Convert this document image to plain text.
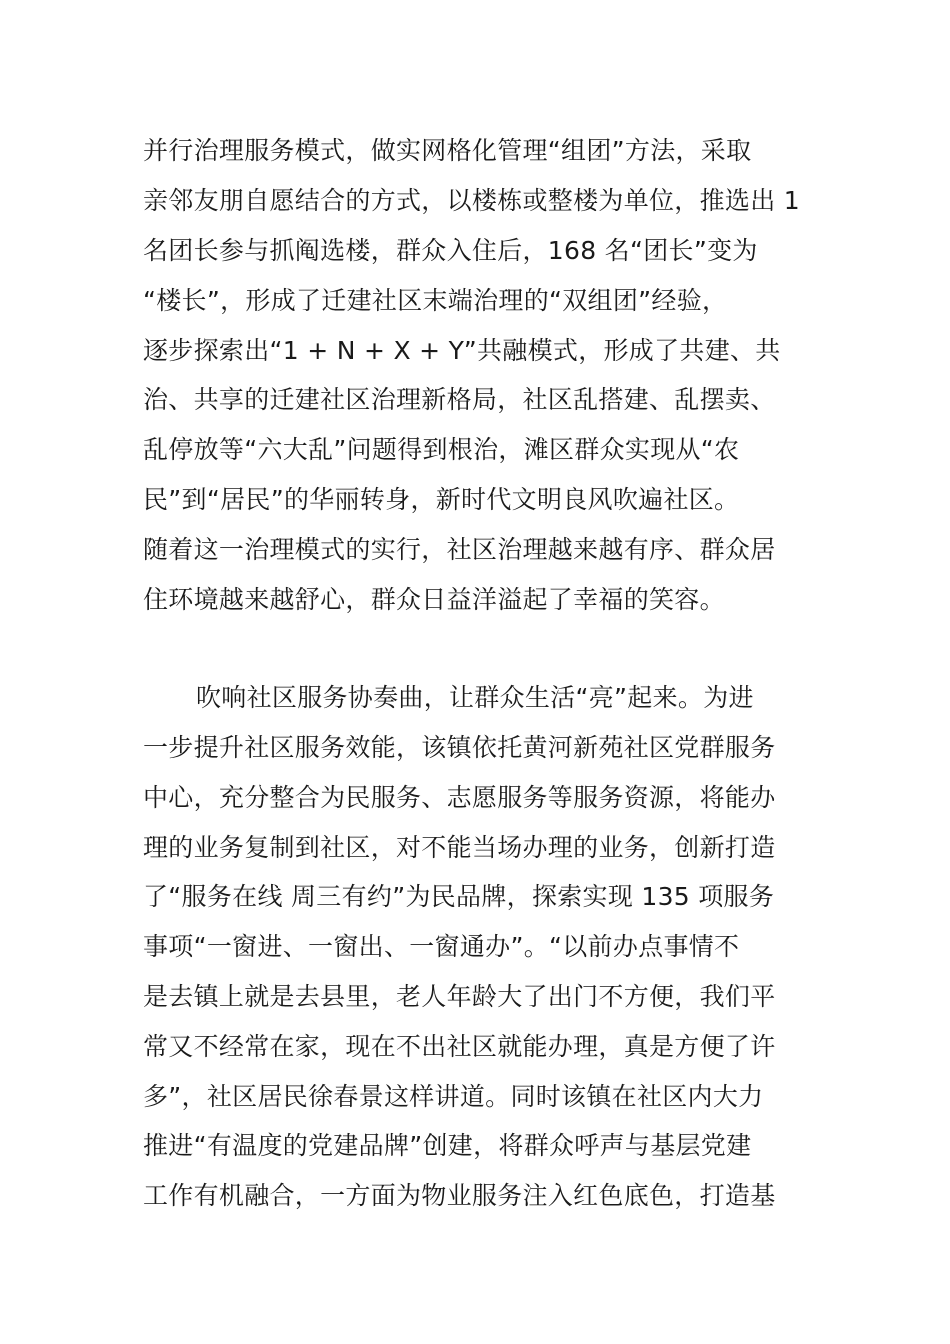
并行治理服务模式，做实网格化管理“组团”方法，采取
亲邻友朋自愿结合的方式，以楼栋或整楼为单位，推选出 1
名团长参与抓阄选楼，群众入住后，168 名“团长”变为
“楼长”，形成了迁建社区末端治理的“双组团”经验，
逐步探索出“1 + N + X + Y”共融模式，形成了共建、共
治、共享的迁建社区治理新格局，社区乱搭建、乱摆卖、
乱停放等“六大乱”问题得到根治，滩区群众实现从“农
民”到“居民”的华丽转身，新时代文明良风吹遍社区。
随着这一治理模式的实行，社区治理越来越有序、群众居
住环境越来越舒心，群众日益洋溢起了幸福的笑容。
吹响社区服务协奏曲，让群众生活“亮”起来。为进
一步提升社区服务效能，该镇依托黄河新苑社区党群服务
中心，充分整合为民服务、志愿服务等服务资源，将能办
理的业务复制到社区，对不能当场办理的业务，创新打造
了“服务在线 周三有约”为民品牌，探索实现 135 项服务
事项“一窗进、一窗出、一窗通办”。“以前办点事情不
是去镇上就是去县里，老人年龄大了出门不方便，我们平
常又不经常在家，现在不出社区就能办理，真是方便了许
多”，社区居民徐春景这样讲道。同时该镇在社区内大力
推进“有温度的党建品牌”创建，将群众呼声与基层党建
工作有机融合，一方面为物业服务注入红色底色，打造基
